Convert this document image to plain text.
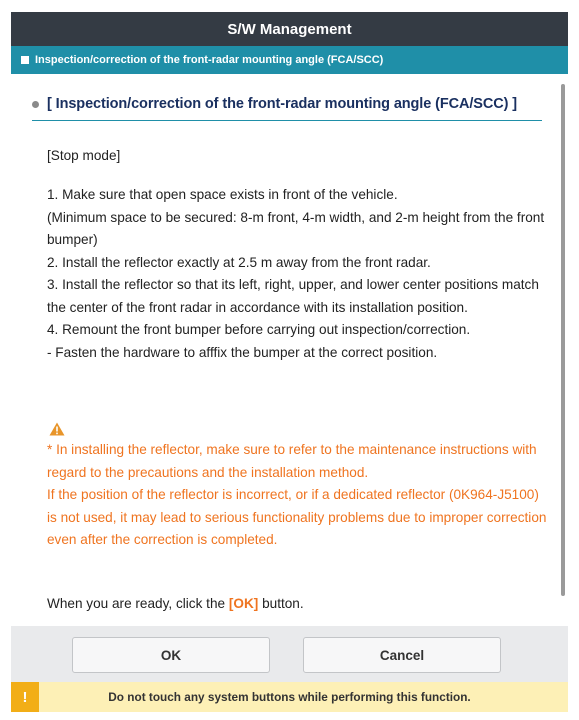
S/W Management
Inspection/correction of the front-radar mounting angle (FCA/SCC)
[ Inspection/correction of the front-radar mounting angle (FCA/SCC) ]
[Stop mode]
1. Make sure that open space exists in front of the vehicle.
(Minimum space to be secured: 8-m front, 4-m width, and 2-m height from the front bumper)
2. Install the reflector exactly at 2.5 m away from the front radar.
3. Install the reflector so that its left, right, upper, and lower center positions match the center of the front radar in accordance with its installation position.
4. Remount the front bumper before carrying out inspection/correction.
- Fasten the hardware to afffix the bumper at the correct position.
* In installing the reflector, make sure to refer to the maintenance instructions with regard to the precautions and the installation method.
If the position of the reflector is incorrect, or if a dedicated reflector (0K964-J5100) is not used, it may lead to serious functionality problems due to improper correction even after the correction is completed.
When you are ready, click the [OK] button.
OK	Cancel
!	Do not touch any system buttons while performing this function.
